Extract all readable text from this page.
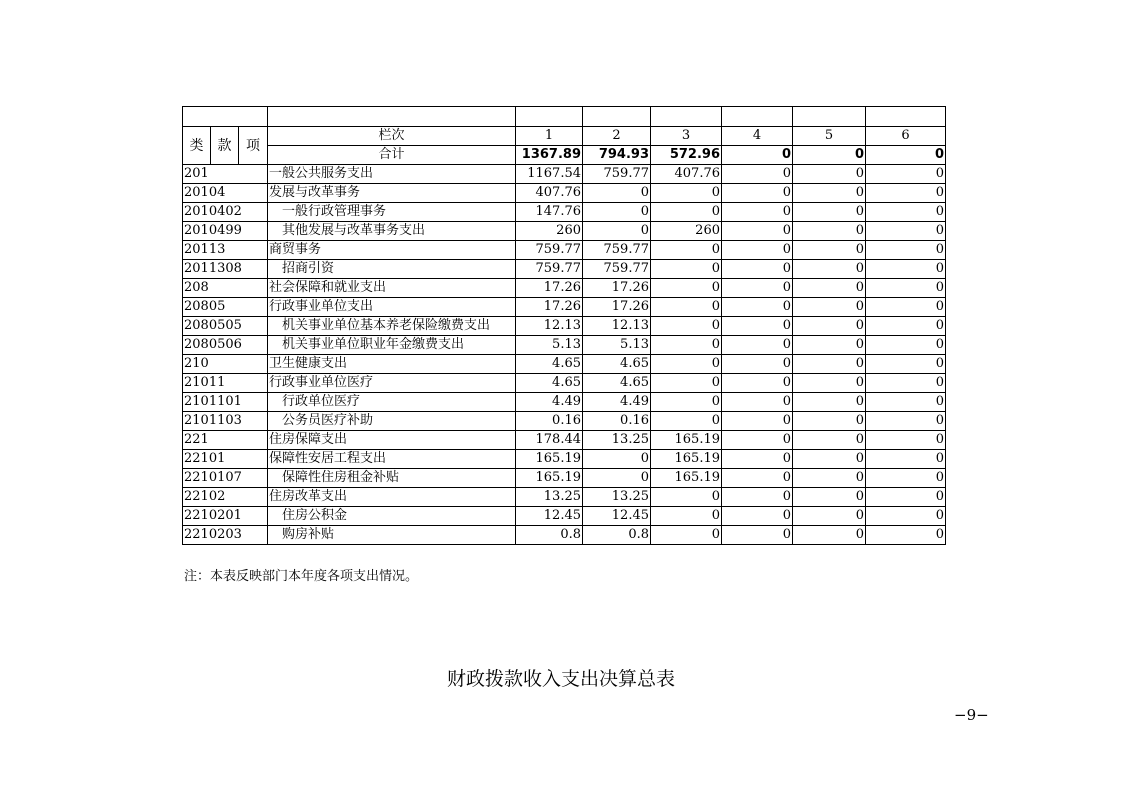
类	款	项	栏次	1	2	3	4	5	6
			合计	1367.89	794.93	572.96	0	0	0
201			一般公共服务支出	1167.54	759.77	407.76	0	0	0
20104			发展与改革事务	407.76	0	0	0	0	0
2010402			一般行政管理事务	147.76	0	0	0	0	0
2010499			其他发展与改革事务支出	260	0	260	0	0	0
20113			商贸事务	759.77	759.77	0	0	0	0
2011308			招商引资	759.77	759.77	0	0	0	0
208			社会保障和就业支出	17.26	17.26	0	0	0	0
20805			行政事业单位支出	17.26	17.26	0	0	0	0
2080505			机关事业单位基本养老保险缴费支出	12.13	12.13	0	0	0	0
2080506			机关事业单位职业年金缴费支出	5.13	5.13	0	0	0	0
210			卫生健康支出	4.65	4.65	0	0	0	0
21011			行政事业单位医疗	4.65	4.65	0	0	0	0
2101101			行政单位医疗	4.49	4.49	0	0	0	0
2101103			公务员医疗补助	0.16	0.16	0	0	0	0
221			住房保障支出	178.44	13.25	165.19	0	0	0
22101			保障性安居工程支出	165.19	0	165.19	0	0	0
2210107			保障性住房租金补贴	165.19	0	165.19	0	0	0
22102			住房改革支出	13.25	13.25	0	0	0	0
2210201			住房公积金	12.45	12.45	0	0	0	0
2210203			购房补贴	0.8	0.8	0	0	0	0
注：本表反映部门本年度各项支出情况。
财政拨款收入支出决算总表
−9−
